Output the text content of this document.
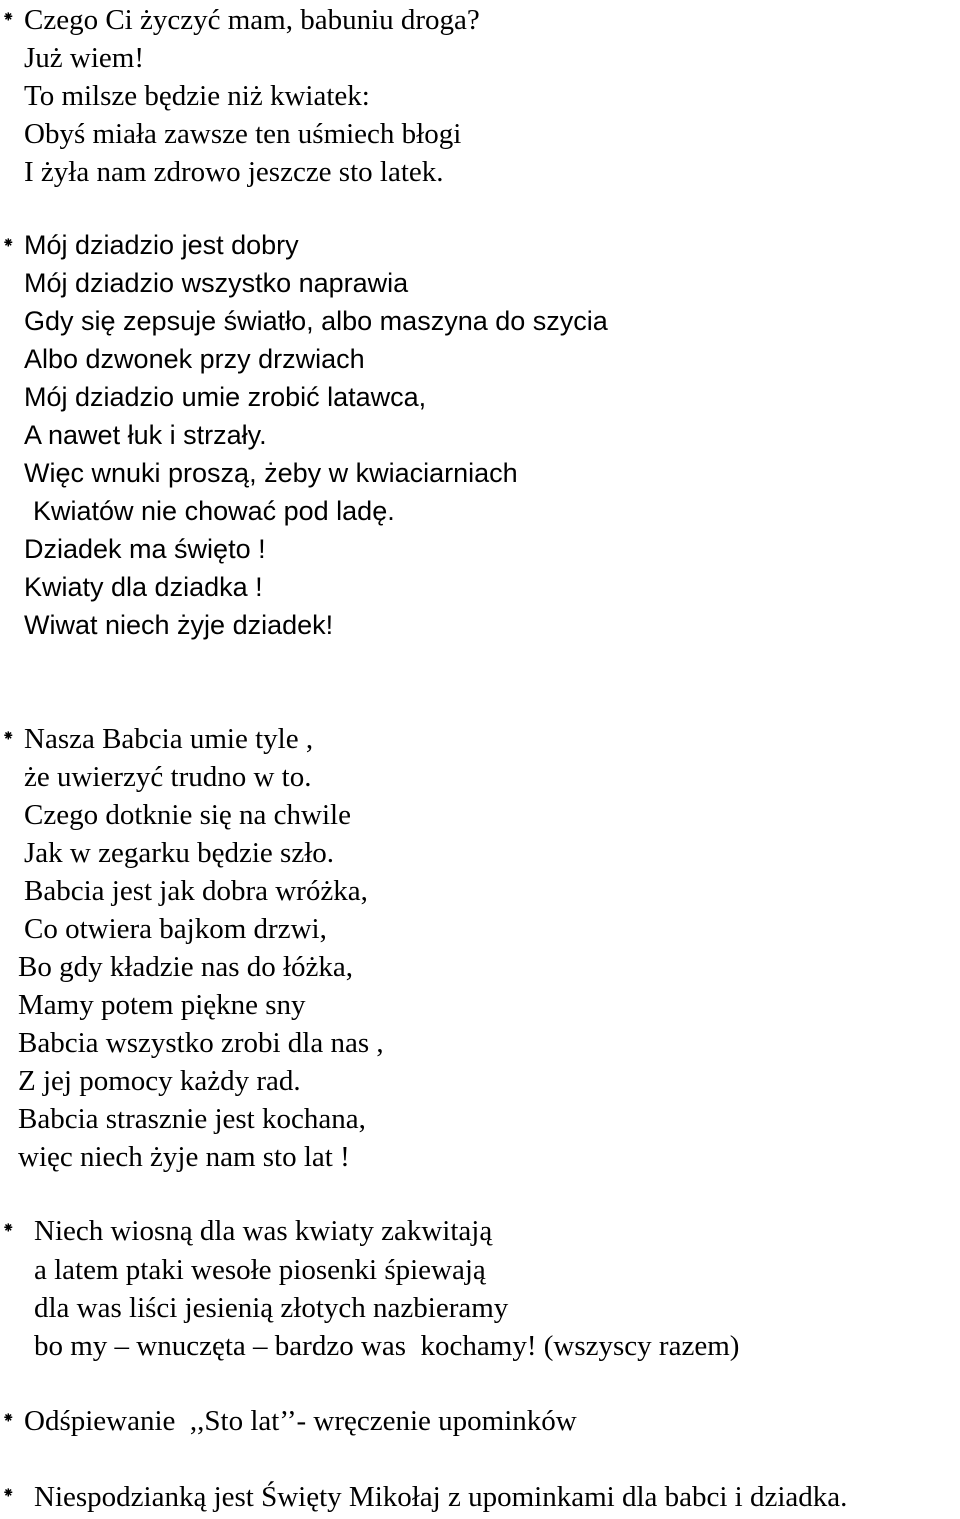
⁕ Czego Ci życzyć mam, babuniu droga?
Już wiem!
To milsze będzie niż kwiatek:
Obyś miała zawsze ten uśmiech błogi
I żyła nam zdrowo jeszcze sto latek.
⁕ Mój dziadzio jest dobry
Mój dziadzio wszystko naprawia
Gdy się zepsuje światło, albo maszyna do szycia
Albo dzwonek przy drzwiach
Mój dziadzio umie zrobić latawca,
A nawet łuk i strzały.
Więc wnuki proszą, żeby w kwiaciarniach
Kwiatów nie chować pod ladę.
Dziadek ma święto !
Kwiaty dla dziadka !
Wiwat niech żyje dziadek!
⁕ Nasza Babcia umie tyle ,
że uwierzyć trudno w to.
Czego dotknie się na chwile
Jak w zegarku będzie szło.
Babcia jest jak dobra wróżka,
Co otwiera bajkom drzwi,
Bo gdy kładzie nas do łóżka,
Mamy potem piękne sny
Babcia wszystko zrobi dla nas ,
Z jej pomocy każdy rad.
Babcia strasznie jest kochana,
więc niech żyje nam sto lat !
⁕ Niech wiosną dla was kwiaty zakwitają
a latem ptaki wesołe piosenki śpiewają
dla was liści jesienią złotych nazbieramy
bo my – wnuczęta – bardzo was  kochamy! (wszyscy razem)
⁕ Odśpiewanie  ,,Sto lat’’- wręczenie upominków
⁕ Niespodzianką jest Święty Mikołaj z upominkami dla babci i dziadka.
